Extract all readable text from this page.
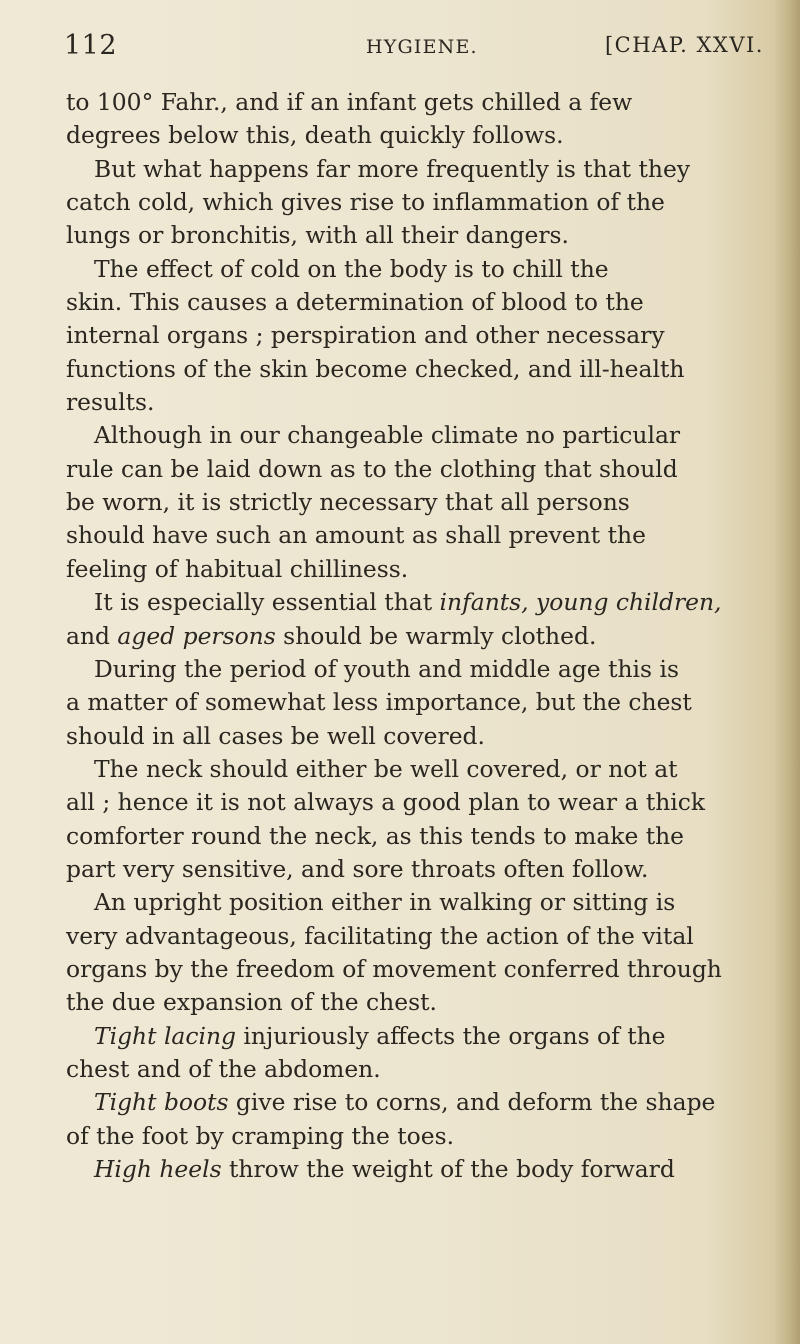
112	HYGIENE.	[CHAP. XXVI.
to 100° Fahr., and if an infant gets chilled a few
degrees below this, death quickly follows.
But what happens far more frequently is that they
catch cold, which gives rise to inflammation of the
lungs or bronchitis, with all their dangers.
The effect of cold on the body is to chill the
skin. This causes a determination of blood to the
internal organs ; perspiration and other necessary
functions of the skin become checked, and ill-health
results.
Although in our changeable climate no particular
rule can be laid down as to the clothing that should
be worn, it is strictly necessary that all persons
should have such an amount as shall prevent the
feeling of habitual chilliness.
It is especially essential that infants, young children,
and aged persons should be warmly clothed.
During the period of youth and middle age this is
a matter of somewhat less importance, but the chest
should in all cases be well covered.
The neck should either be well covered, or not at
all ; hence it is not always a good plan to wear a thick
comforter round the neck, as this tends to make the
part very sensitive, and sore throats often follow.
An upright position either in walking or sitting is
very advantageous, facilitating the action of the vital
organs by the freedom of movement conferred through
the due expansion of the chest.
Tight lacing injuriously affects the organs of the
chest and of the abdomen.
Tight boots give rise to corns, and deform the shape
of the foot by cramping the toes.
High heels throw the weight of the body forward
